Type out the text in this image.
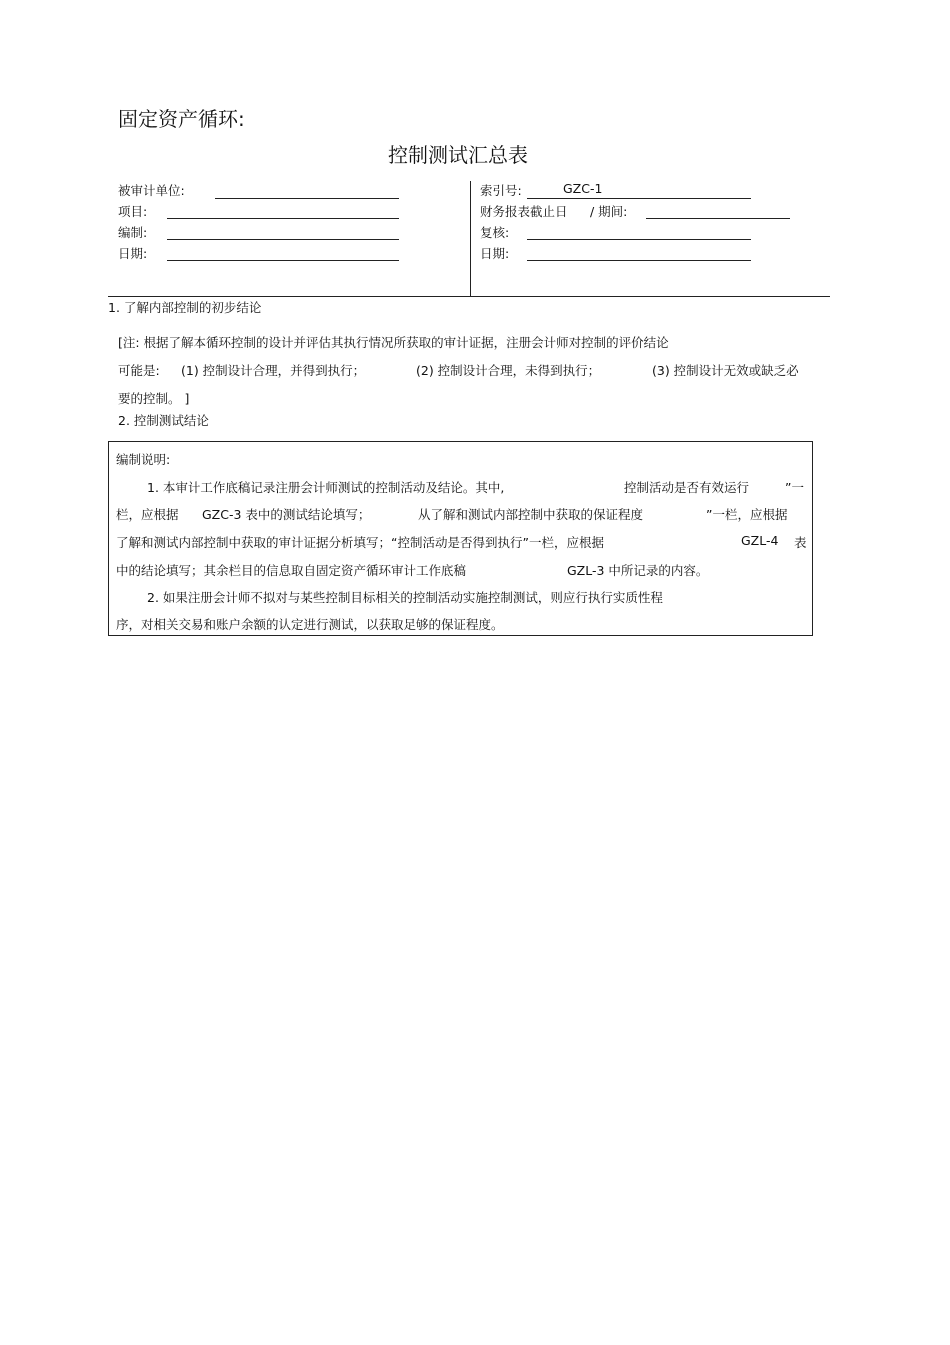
固定资产循环:
控制测试汇总表
被审计单位:
项目:
编制:
日期:
索引号:	GZC-1
财务报表截止日 / 期间:
复核:
日期:
1. 了解内部控制的初步结论
[注: 根据了解本循环控制的设计并评估其执行情况所获取的审计证据，注册会计师对控制的评价结论
可能是: (1) 控制设计合理，并得到执行；	(2) 控制设计合理，未得到执行；	(3) 控制设计无效或缺乏必
要的控制。 ]
2. 控制测试结论
编制说明:
1. 本审计工作底稿记录注册会计师测试的控制活动及结论。其中,	控制活动是否有效运行	”一
栏，应根据 GZC-3 表中的测试结论填写；	从了解和测试内部控制中获取的保证程度	”一栏，应根据
了解和测试内部控制中获取的审计证据分析填写；“控制活动是否得到执行”一栏，应根据	GZL-4 表
中的结论填写；其余栏目的信息取自固定资产循环审计工作底稿	GZL-3 中所记录的内容。
2. 如果注册会计师不拟对与某些控制目标相关的控制活动实施控制测试，则应行执行实质性程
序，对相关交易和账户余额的认定进行测试，以获取足够的保证程度。
